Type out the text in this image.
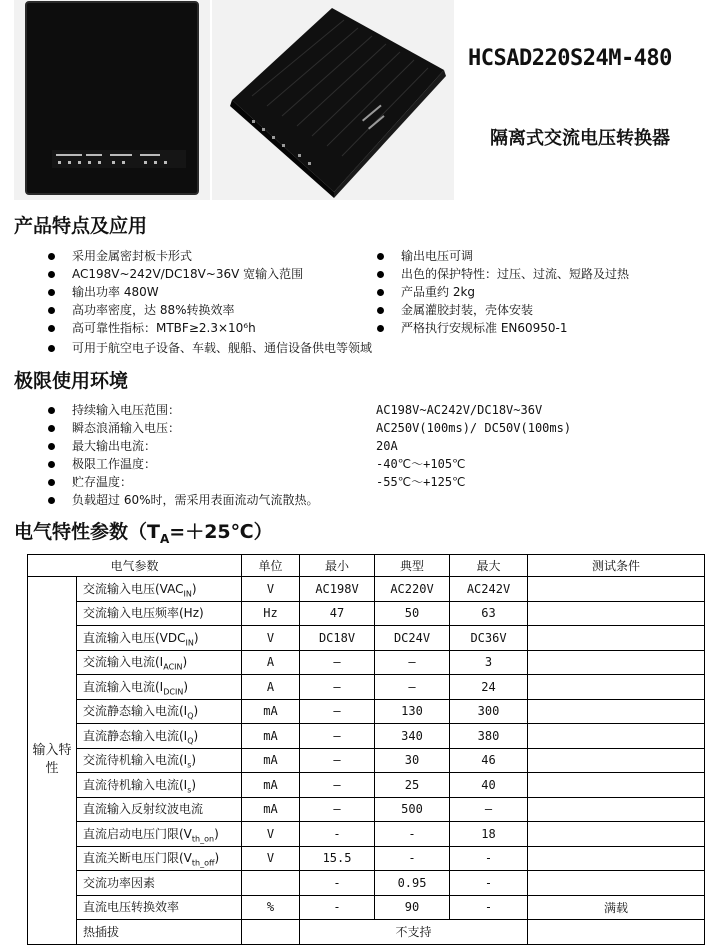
HCSAD220S24M-480
隔离式交流电压转换器
产品特点及应用
采用金属密封板卡形式
AC198V~242V/DC18V~36V 宽输入范围
输出功率 480W
高功率密度，达 88%转换效率
高可靠性指标：MTBF≥2.3×10⁶h
可用于航空电子设备、车载、舰船、通信设备供电等领域
输出电压可调
出色的保护特性：过压、过流、短路及过热
产品重约 2kg
金属灌胶封装，壳体安装
严格执行安规标准 EN60950-1
极限使用环境
持续输入电压范围：	AC198V~AC242V/DC18V~36V
瞬态浪涌输入电压：	AC250V(100ms)/ DC50V(100ms)
最大输出电流：	20A
极限工作温度：	-40℃～+105℃
贮存温度：	-55℃～+125℃
负载超过 60%时，需采用表面流动气流散热。
电气特性参数$(T_A=+25℃)$
电气参数		单位	最小	典型	最大	测试条件
输入特性	交流输入电压$(VAC_{IN})$	V	AC198V	AC220V	AC242V	
	交流输入电压频率(Hz)	Hz	47	50	63	
	直流输入电压$(VDC_{IN})$	V	DC18V	DC24V	DC36V	
	交流输入电流$(I_{ACIN})$	A	—	—	3	
	直流输入电流$(I_{DCIN})$	A	—	—	24	
	交流静态输入电流$(I_Q)$	mA	—	130	300	
	直流静态输入电流$(I_Q)$	mA	—	340	380	
	交流待机输入电流$(I_s)$	mA	—	30	46	
	直流待机输入电流$(I_s)$	mA	—	25	40	
	直流输入反射纹波电流	mA	—	500	—	
	直流启动电压门限$(V_{th\_on})$	V	-	-	18	
	直流关断电压门限$(V_{th\_off})$	V	15.5	-	-	
	交流功率因素		-	0.95	-	
	直流电压转换效率	%	-	90	-	满载
	热插拔		不支持			
